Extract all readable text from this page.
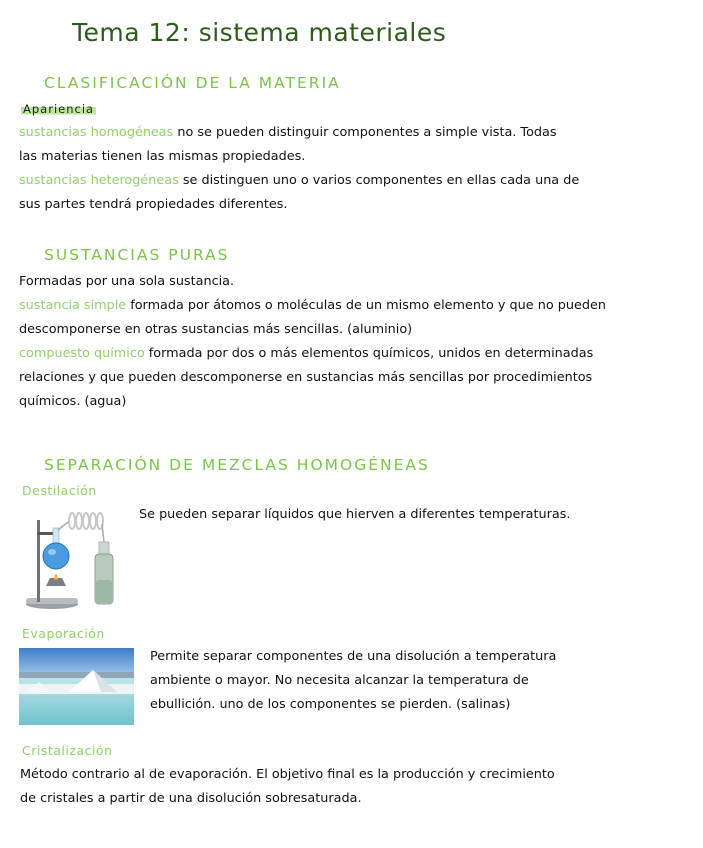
Tema 12: sistema materiales
CLASIFICACIÓN DE LA MATERIA
Apariencia
sustancias homogéneas no se pueden distinguir componentes a simple vista. Todas
las materias tienen las mismas propiedades.
sustancias heterogéneas se distinguen uno o varios componentes en ellas cada una de
sus partes tendrá propiedades diferentes.
SUSTANCIAS PURAS
Formadas por una sola sustancia.
sustancia simple formada por átomos o moléculas de un mismo elemento y que no pueden
descomponerse en otras sustancias más sencillas. (aluminio)
compuesto químico formada por dos o más elementos químicos, unidos en determinadas
relaciones y que pueden descomponerse en sustancias más sencillas por procedimientos
químicos. (agua)
SEPARACIÓN DE MEZCLAS HOMOGÉNEAS
Destilación
Se pueden separar líquidos que hierven a diferentes temperaturas.
Evaporación
Permite separar componentes de una disolución a temperatura
ambiente o mayor. No necesita alcanzar la temperatura de
ebullición. uno de los componentes se pierden. (salinas)
Cristalización
Método contrario al de evaporación. El objetivo final es la producción y crecimiento
de cristales a partir de una disolución sobresaturada.
